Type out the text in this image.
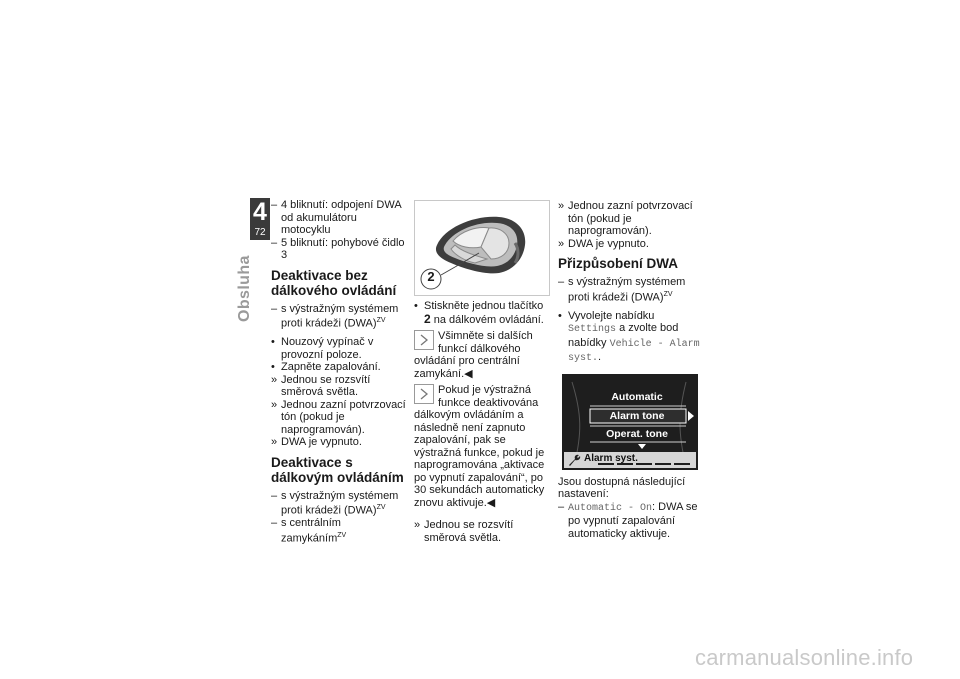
4
72
Obsluha

– 4 bliknutí: odpojení DWA od akumulátoru motocyklu

– 5 bliknutí: pohybové čidlo 3

Deaktivace bez dálkového ovládání

– s výstražným systémem proti krádeži (DWA)$^{ZV}$

• Nouzový vypínač v provozní poloze.

• Zapněte zapalování.

» Jednou se rozsvítí směrová světla.

» Jednou zazní potvrzovací tón (pokud je naprogramován).

» DWA je vypnuto.

Deaktivace s dálkovým ovládáním

– s výstražným systémem proti krádeži (DWA)$^{ZV}$

– s centrálním zamykáním$^{ZV}$

2

• Stiskněte jednou tlačítko 2 na dálkovém ovládání.

Všimněte si dalších funkcí dálkového ovládání pro centrální zamykání.◀
Pokud je výstražná funkce deaktivována dálkovým ovládáním a následně není zapnuto zapalování, pak se výstražná funkce, pokud je naprogramována „aktivace po vypnutí zapalování“, po 30 sekundách automaticky znovu aktivuje.◀

» Jednou se rozsvítí směrová světla.

» Jednou zazní potvrzovací tón (pokud je naprogramován).

» DWA je vypnuto.

Přizpůsobení DWA

– s výstražným systémem proti krádeži (DWA)$^{ZV}$

• Vyvolejte nabídku Settings a zvolte bod nabídky Vehicle - Alarm syst..

Automatic
Alarm tone
Operat. tone
Alarm syst.

Jsou dostupná následující nastavení:

– Automatic - On: DWA se po vypnutí zapalování automaticky aktivuje.

carmanualsonline.info
